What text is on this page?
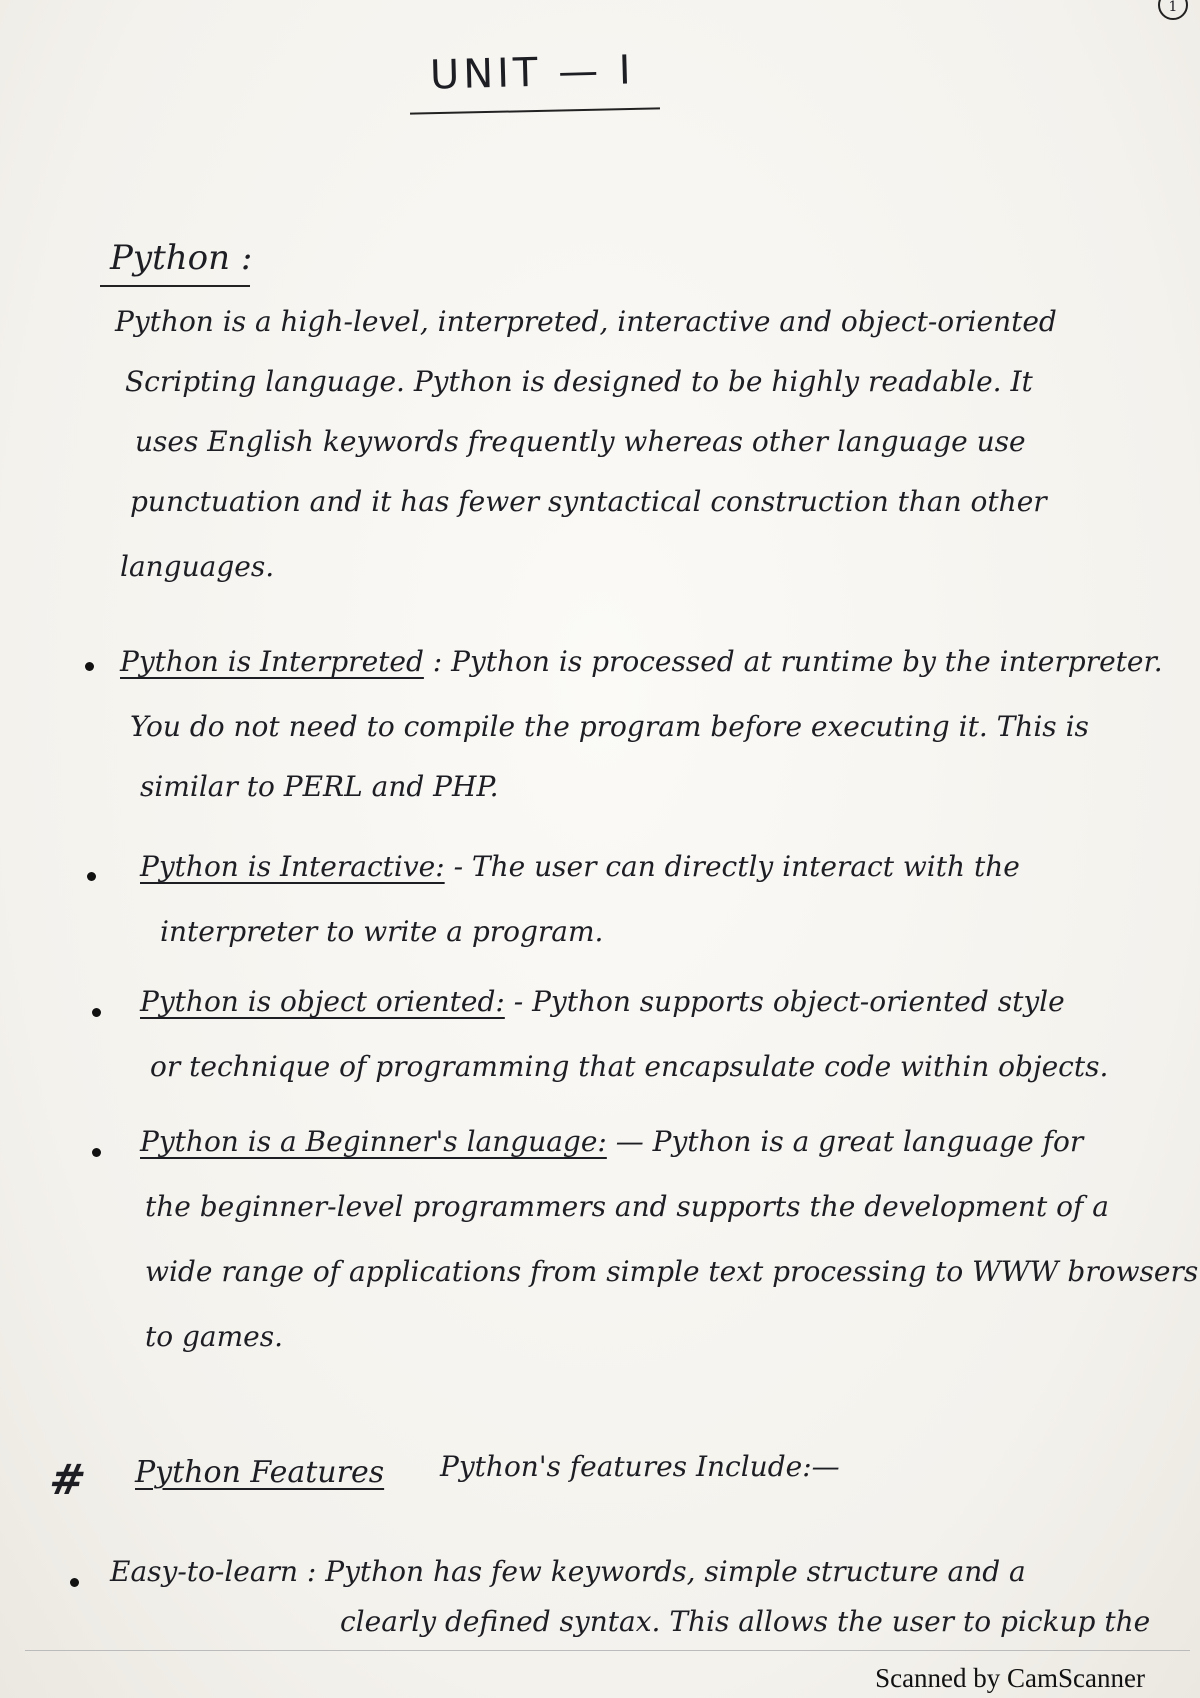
1
UNIT — I
Python :
Python is a high-level, interpreted, interactive and object-oriented
Scripting language. Python is designed to be highly readable. It
uses English keywords frequently whereas other language use
punctuation and it has fewer syntactical construction than other
languages.
Python is Interpreted : Python is processed at runtime by the interpreter.
You do not need to compile the program before executing it. This is
similar to PERL and PHP.
Python is Interactive: - The user can directly interact with the
interpreter to write a program.
Python is object oriented: - Python supports object-oriented style
or technique of programming that encapsulate code within objects.
Python is a Beginner's language: — Python is a great language for
the beginner-level programmers and supports the development of a
wide range of applications from simple text processing to WWW browsers
to games.
# Python Features Python's features Include:—
Easy-to-learn : Python has few keywords, simple structure and a
clearly defined syntax. This allows the user to pickup the
Scanned by CamScanner
